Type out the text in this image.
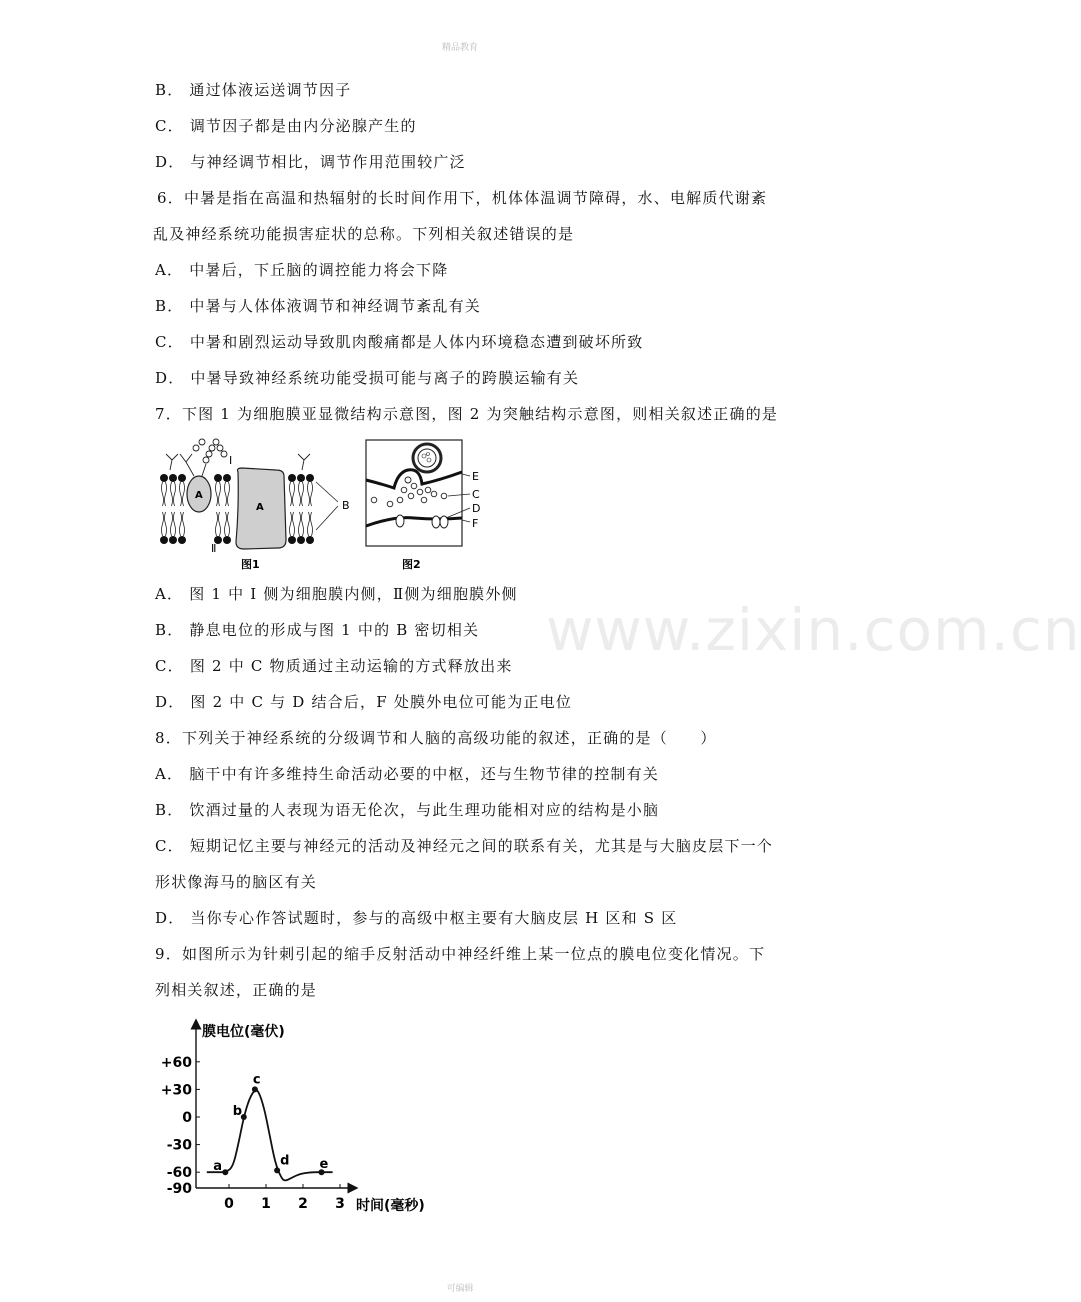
精品教育
www.zixin.com.cn
B． 通过体液运送调节因子
C． 调节因子都是由内分泌腺产生的
D． 与神经调节相比，调节作用范围较广泛
6．中暑是指在高温和热辐射的长时间作用下，机体体温调节障碍，水、电解质代谢紊
乱及神经系统功能损害症状的总称。下列相关叙述错误的是
A． 中暑后，下丘脑的调控能力将会下降
B． 中暑与人体体液调节和神经调节紊乱有关
C． 中暑和剧烈运动导致肌肉酸痛都是人体内环境稳态遭到破坏所致
D． 中暑导致神经系统功能受损可能与离子的跨膜运输有关
7．下图 1 为细胞膜亚显微结构示意图，图 2 为突触结构示意图，则相关叙述正确的是
A． 图 1 中 I 侧为细胞膜内侧，Ⅱ侧为细胞膜外侧
B． 静息电位的形成与图 1 中的 B 密切相关
C． 图 2 中 C 物质通过主动运输的方式释放出来
D． 图 2 中 C 与 D 结合后，F 处膜外电位可能为正电位
8．下列关于神经系统的分级调节和人脑的高级功能的叙述，正确的是（　　）
A． 脑干中有许多维持生命活动必要的中枢，还与生物节律的控制有关
B． 饮酒过量的人表现为语无伦次，与此生理功能相对应的结构是小脑
C． 短期记忆主要与神经元的活动及神经元之间的联系有关，尤其是与大脑皮层下一个
形状像海马的脑区有关
D． 当你专心作答试题时，参与的高级中枢主要有大脑皮层 H 区和 S 区
9．如图所示为针刺引起的缩手反射活动中神经纤维上某一位点的膜电位变化情况。下
列相关叙述，正确的是
I
Ⅱ
A
A	B
图1
E
C
D
F
图2
膜电位(毫伏)
时间(毫秒)
+60
+30
0
-30
-60
-90
0 1 2 3
a
b
c
d e
可编辑
